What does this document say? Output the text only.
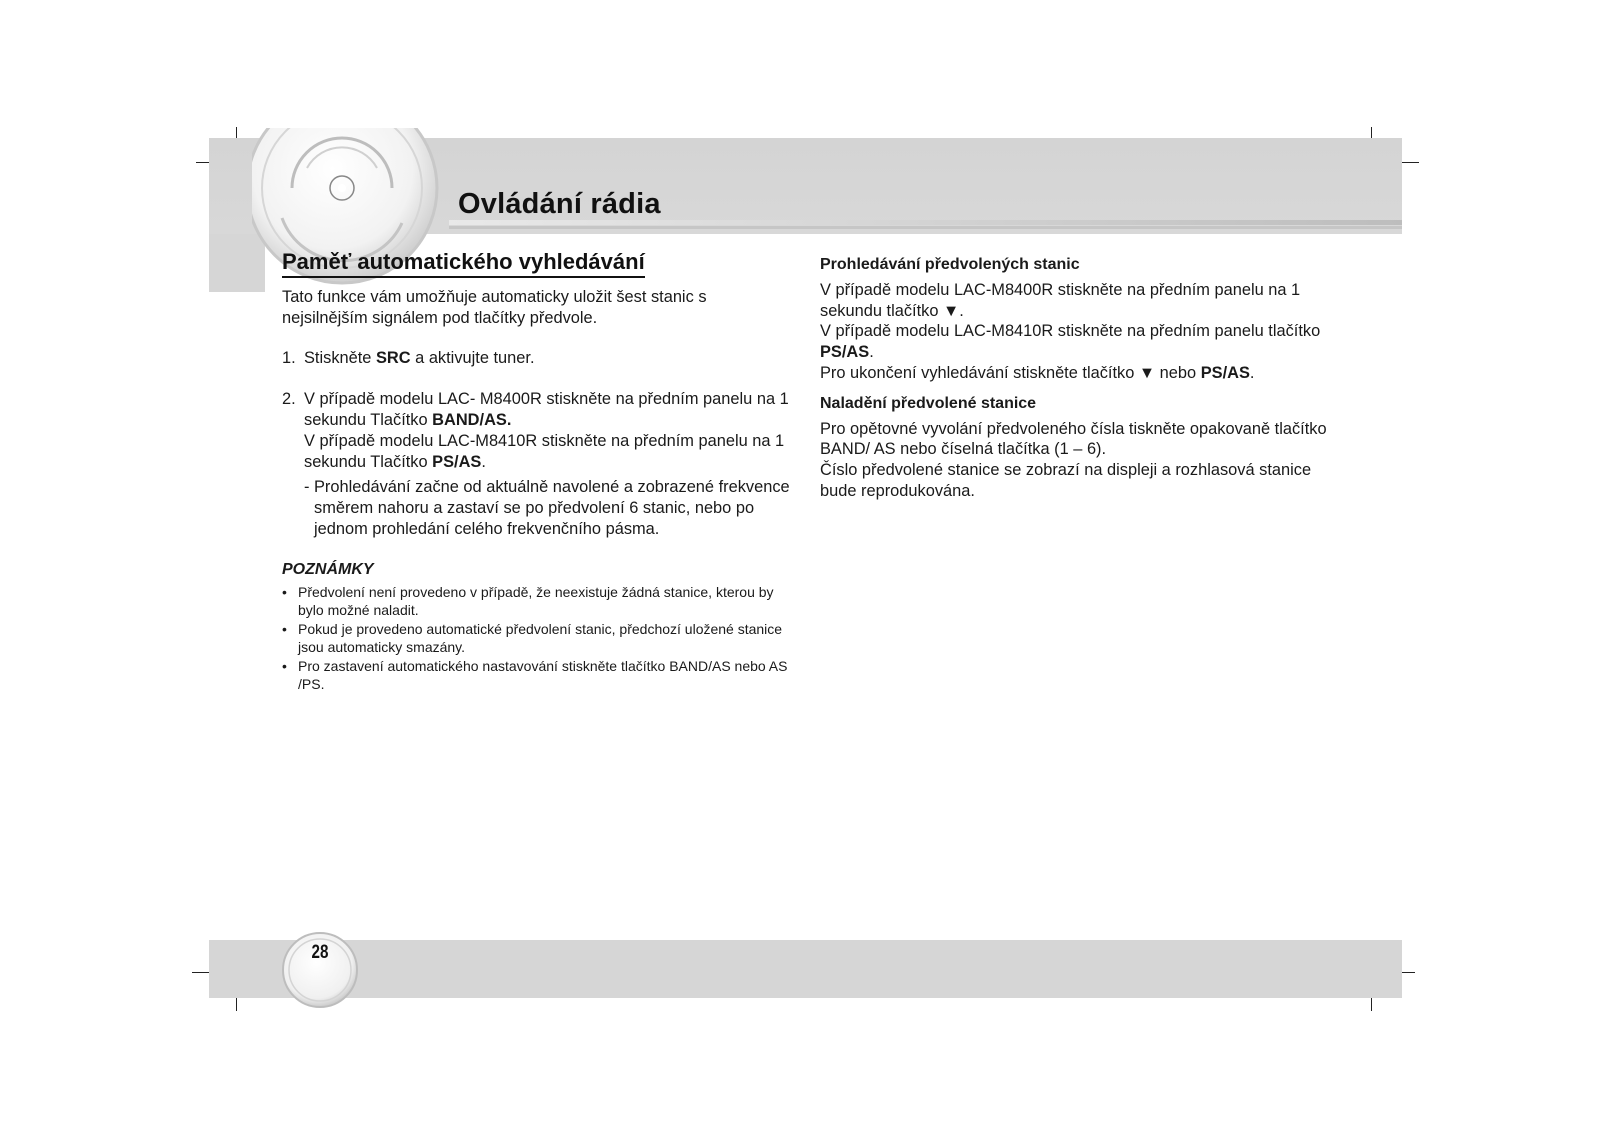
Ovládání rádia
Paměť automatického vyhledávání

Tato funkce vám umožňuje automaticky uložit šest stanic s nejsilnějším signálem pod tlačítky předvole.

1. Stiskněte SRC a aktivujte tuner.

2. V případě modelu LAC- M8400R stiskněte na předním panelu na 1 sekundu Tlačítko BAND/AS.
V případě modelu LAC-M8410R stiskněte na předním panelu na 1 sekundu Tlačítko PS/AS.
- Prohledávání začne od aktuálně navolené a zobrazené frekvence směrem nahoru a zastaví se po předvolení 6 stanic, nebo po jednom prohledání celého frekvenčního pásma.
POZNÁMKY
• Předvolení není provedeno v případě, že neexistuje žádná stanice, kterou by bylo možné naladit.
• Pokud je provedeno automatické předvolení stanic, předchozí uložené stanice jsou automaticky smazány.
• Pro zastavení automatického nastavování stiskněte tlačítko BAND/AS nebo AS /PS.
Prohledávání předvolených stanic
V případě modelu LAC-M8400R stiskněte na předním panelu na 1 sekundu tlačítko ▼.
V případě modelu LAC-M8410R stiskněte na předním panelu tlačítko PS/AS.
Pro ukončení vyhledávání stiskněte tlačítko ▼ nebo PS/AS.
Naladění předvolené stanice
Pro opětovné vyvolání předvoleného čísla tiskněte opakovaně tlačítko BAND/ AS nebo číselná tlačítka (1 – 6).
Číslo předvolené stanice se zobrazí na displeji a rozhlasová stanice bude reprodukována.
28
